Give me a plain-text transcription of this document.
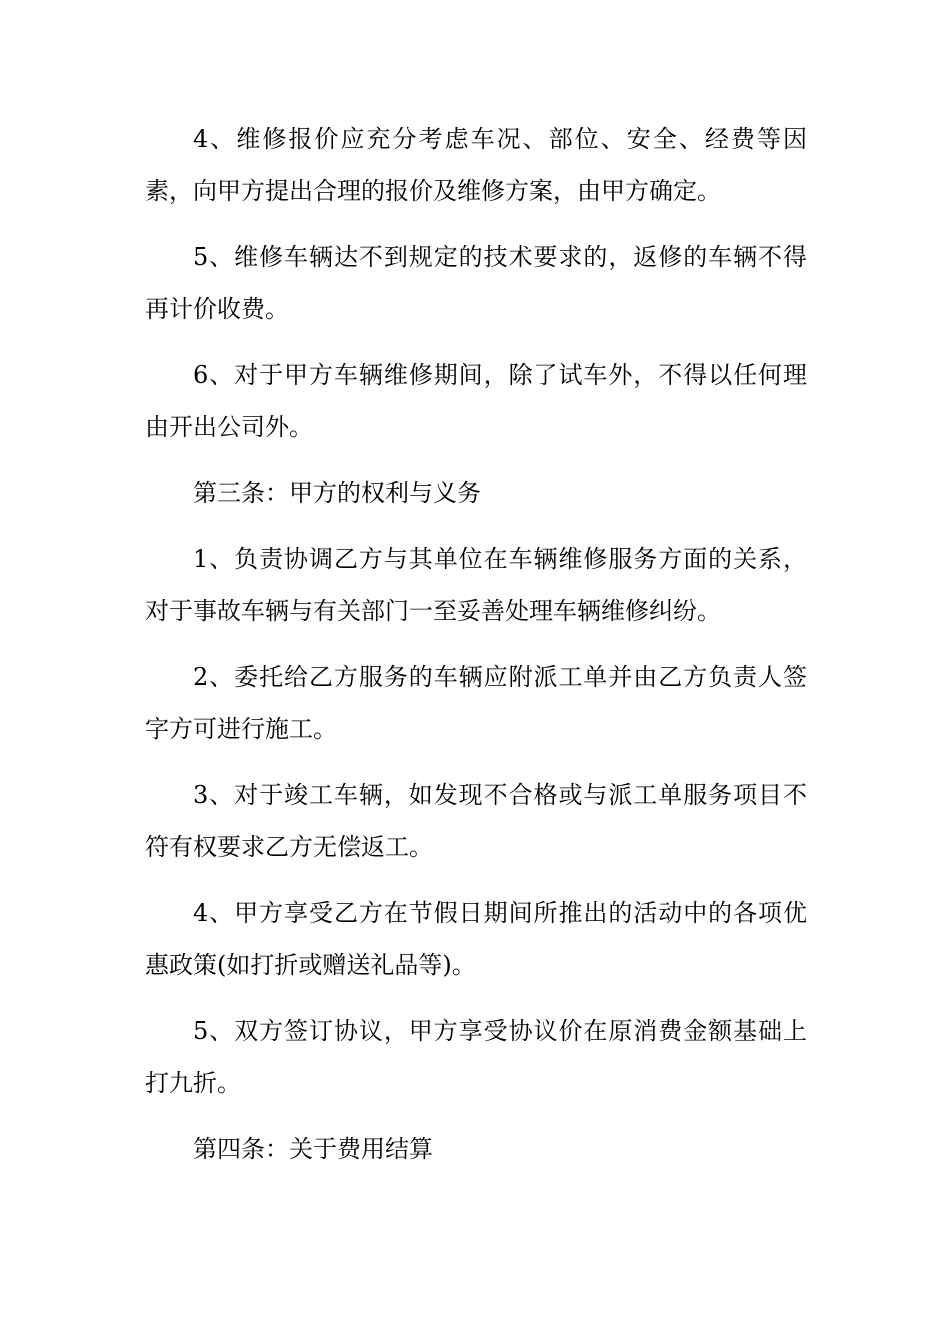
4、维修报价应充分考虑车况、部位、安全、经费等因素，向甲方提出合理的报价及维修方案，由甲方确定。

5、维修车辆达不到规定的技术要求的，返修的车辆不得再计价收费。

6、对于甲方车辆维修期间，除了试车外，不得以任何理由开出公司外。

第三条：甲方的权利与义务

1、负责协调乙方与其单位在车辆维修服务方面的关系，对于事故车辆与有关部门一至妥善处理车辆维修纠纷。

2、委托给乙方服务的车辆应附派工单并由乙方负责人签字方可进行施工。

3、对于竣工车辆，如发现不合格或与派工单服务项目不符有权要求乙方无偿返工。

4、甲方享受乙方在节假日期间所推出的活动中的各项优惠政策(如打折或赠送礼品等)。

5、双方签订协议，甲方享受协议价在原消费金额基础上打九折。

第四条：关于费用结算
